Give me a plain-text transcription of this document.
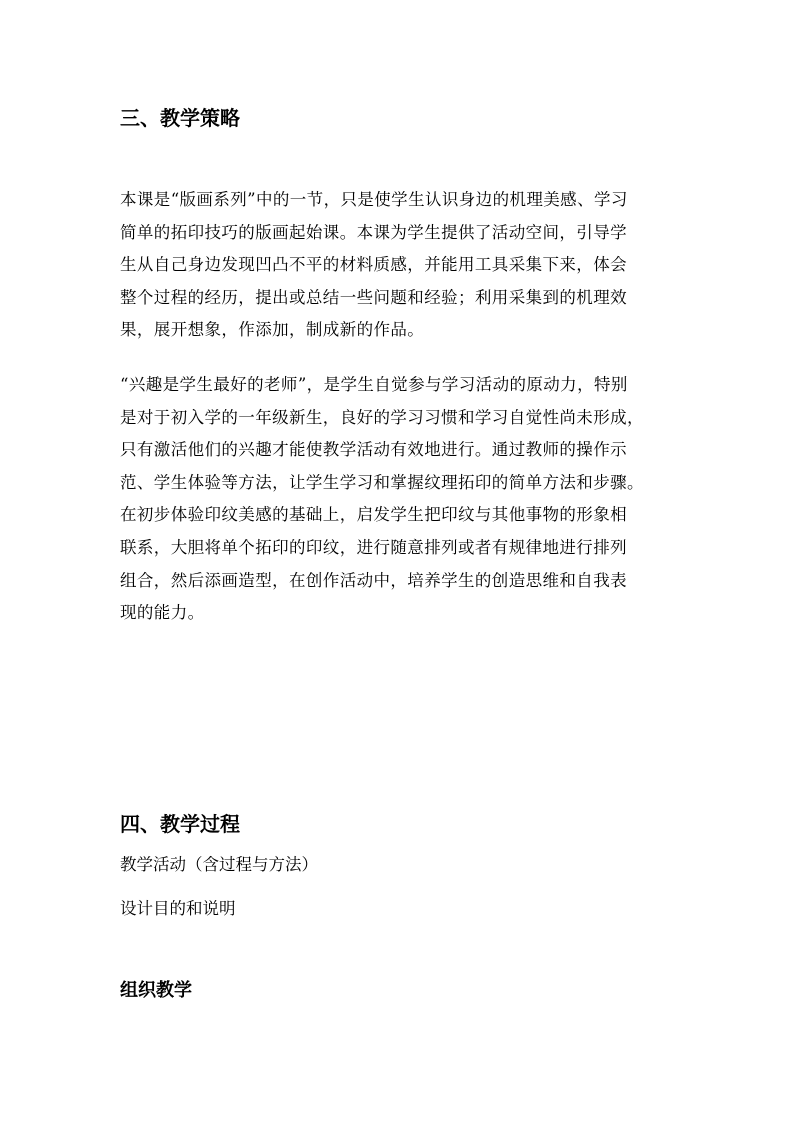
三、教学策略
本课是“版画系列”中的一节，只是使学生认识身边的机理美感、学习
简单的拓印技巧的版画起始课。本课为学生提供了活动空间，引导学
生从自己身边发现凹凸不平的材料质感，并能用工具采集下来，体会
整个过程的经历，提出或总结一些问题和经验；利用采集到的机理效
果，展开想象，作添加，制成新的作品。
“兴趣是学生最好的老师”，是学生自觉参与学习活动的原动力，特别
是对于初入学的一年级新生，良好的学习习惯和学习自觉性尚未形成，
只有激活他们的兴趣才能使教学活动有效地进行。通过教师的操作示
范、学生体验等方法，让学生学习和掌握纹理拓印的简单方法和步骤。
在初步体验印纹美感的基础上，启发学生把印纹与其他事物的形象相
联系，大胆将单个拓印的印纹，进行随意排列或者有规律地进行排列
组合，然后添画造型，在创作活动中，培养学生的创造思维和自我表
现的能力。
四、教学过程

教学活动（含过程与方法）

设计目的和说明

组织教学
